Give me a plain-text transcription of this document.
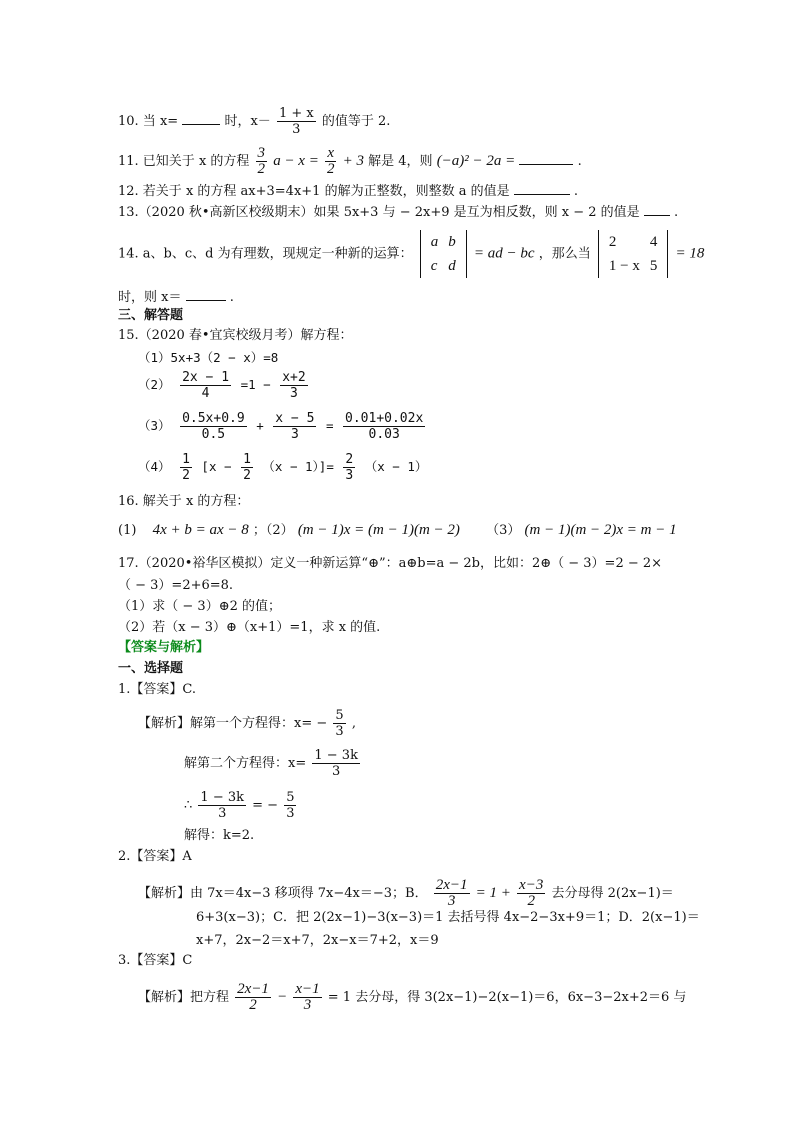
10. 当 x=	时，$x- \frac{1 + x}{3}$ 的值等于 2.
11. 已知关于 x 的方程 $\frac{3}{2}$ $a - x = \frac{x}{2} + 3$ 解是 4，则 (−a)² − 2a =	.
12. 若关于 x 的方程 ax+3=4x+1 的解为正整数，则整数 a 的值是	.
13.（2020 秋•高新区校级期末）如果 5x+3 与 − 2x+9 是互为相反数，则 x − 2 的值是	.
14. a、b、c、d 为有理数，现规定一种新的运算：
a	b
c	d
= ad − bc ，那么当
2	4
1 − x	5
= 18
时，则 x＝	.
三、解答题
15.（2020 春•宜宾校级月考）解方程：
（1）5x+3（2 − x）=8
$(2) \frac{2x - 1}{4} =1 - \frac{x+2}{3}$
$(3) \frac{0.5x+0.9}{0.5} + \frac{x - 5}{3} = \frac{0.01+0.02x}{0.03}$
$(4) \frac{1}{2} [x - \frac{1}{2} (x - 1)]= \frac{2}{3} (x - 1)$
16. 解关于 x 的方程：
(1) 4x + b = ax − 8 ；（2） (m − 1)x = (m − 1)(m − 2) （3） (m − 1)(m − 2)x = m − 1
17.（2020•裕华区模拟）定义一种新运算“⊕”：a⊕b=a − 2b，比如：2⊕（ − 3）=2 − 2×
（ − 3）=2+6=8.
（1）求（ − 3）⊕2 的值；
（2）若（x − 3）⊕（x+1）=1，求 x 的值.
【答案与解析】
一、选择题
1.【答案】C.
【解析】解第一个方程得：$x= - \frac{5}{3}$ ,
解第二个方程得：$x= \frac{1 - 3k}{3}$
∴ $\frac{1 - 3k}{3}$ = − $\frac{5}{3}$
解得：k=2.
2.【答案】A
【解析】由 7x＝4x−3 移项得 7x−4x＝−3；B． $\frac{2x-1}{3} = 1 + \frac{x-3}{2}$ 去分母得 2(2x−1)＝
6+3(x−3)；C．把 2(2x−1)−3(x−3)＝1 去括号得 4x−2−3x+9＝1；D．2(x−1)＝
x+7，2x−2＝x+7，2x−x＝7+2，x＝9
3.【答案】C
【解析】把方程 $\frac{2x-1}{2} - \frac{x-1}{3} = 1$ 去分母，得 3(2x−1)−2(x−1)＝6，6x−3−2x+2＝6 与
